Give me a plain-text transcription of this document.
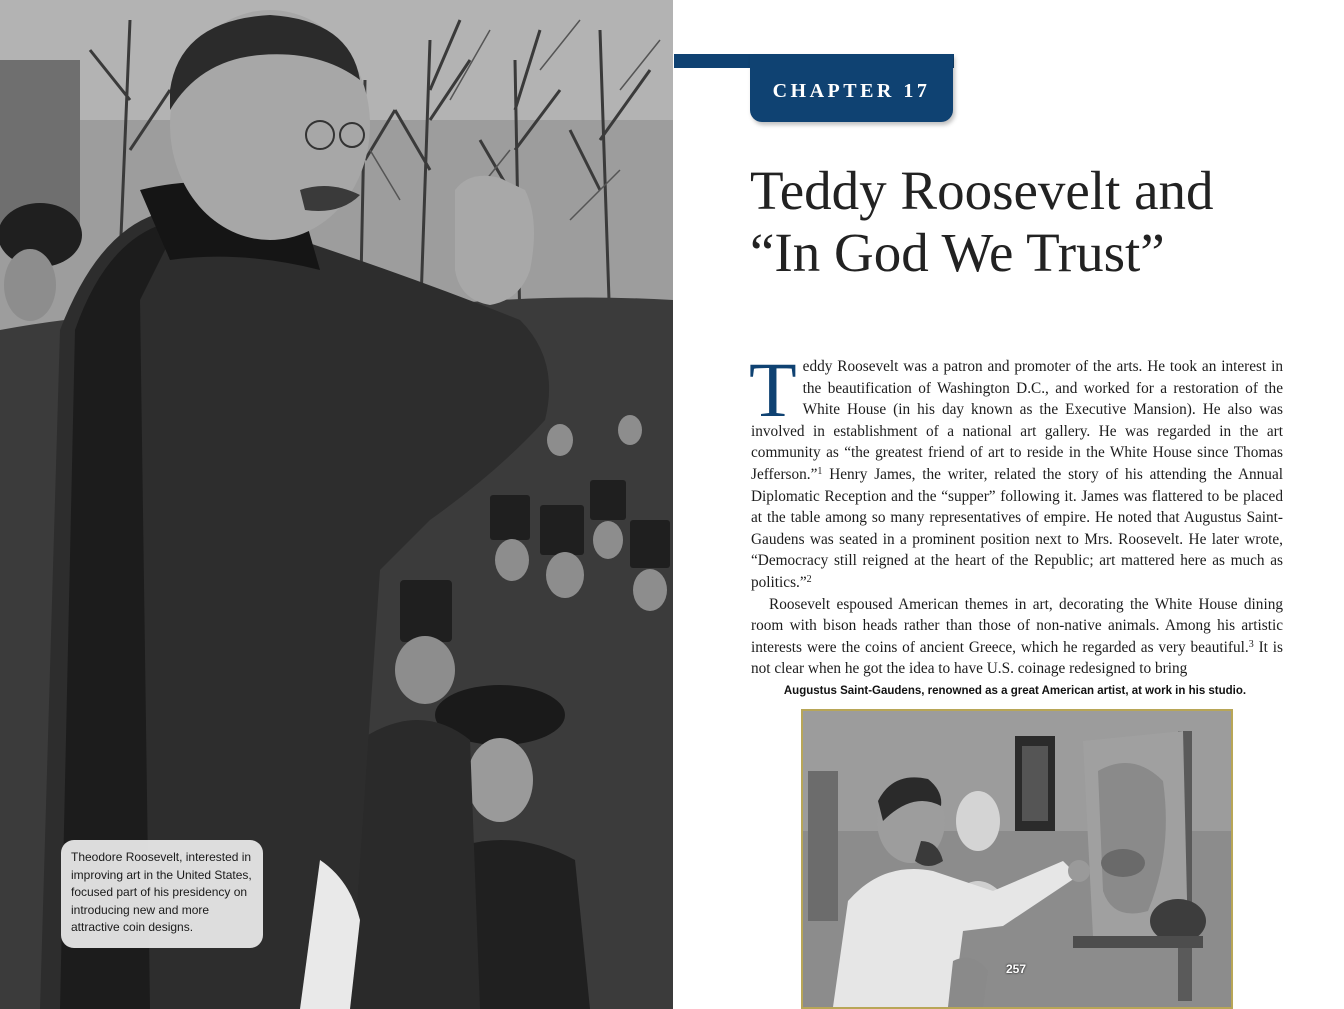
Theodore Roosevelt, interested in improving art in the United States, focused part of his presidency on introducing new and more attractive coin designs.
CHAPTER 17
Teddy Roosevelt and
“In God We Trust”

Teddy Roosevelt was a patron and promoter of the arts. He took an interest in the beautification of Washington D.C., and worked for a restoration of the White House (in his day known as the Executive Mansion). He also was involved in establishment of a national art gallery. He was regarded in the art community as “the greatest friend of art to reside in the White House since Thomas Jefferson.”$^1$ Henry James, the writer, related the story of his attending the Annual Diplomatic Reception and the “supper” following it. James was flattered to be placed at the table among so many representatives of empire. He noted that Augustus Saint-Gaudens was seated in a prominent position next to Mrs. Roosevelt. He later wrote, “Democracy still reigned at the heart of the Republic; art mattered here as much as politics.”$^2$

Roosevelt espoused American themes in art, decorating the White House dining room with bison heads rather than those of non-native animals. Among his artistic interests were the coins of ancient Greece, which he regarded as very beautiful.$^3$ It is not clear when he got the idea to have U.S. coinage redesigned to bring

Augustus Saint-Gaudens, renowned as a great American artist, at work in his studio.
257
